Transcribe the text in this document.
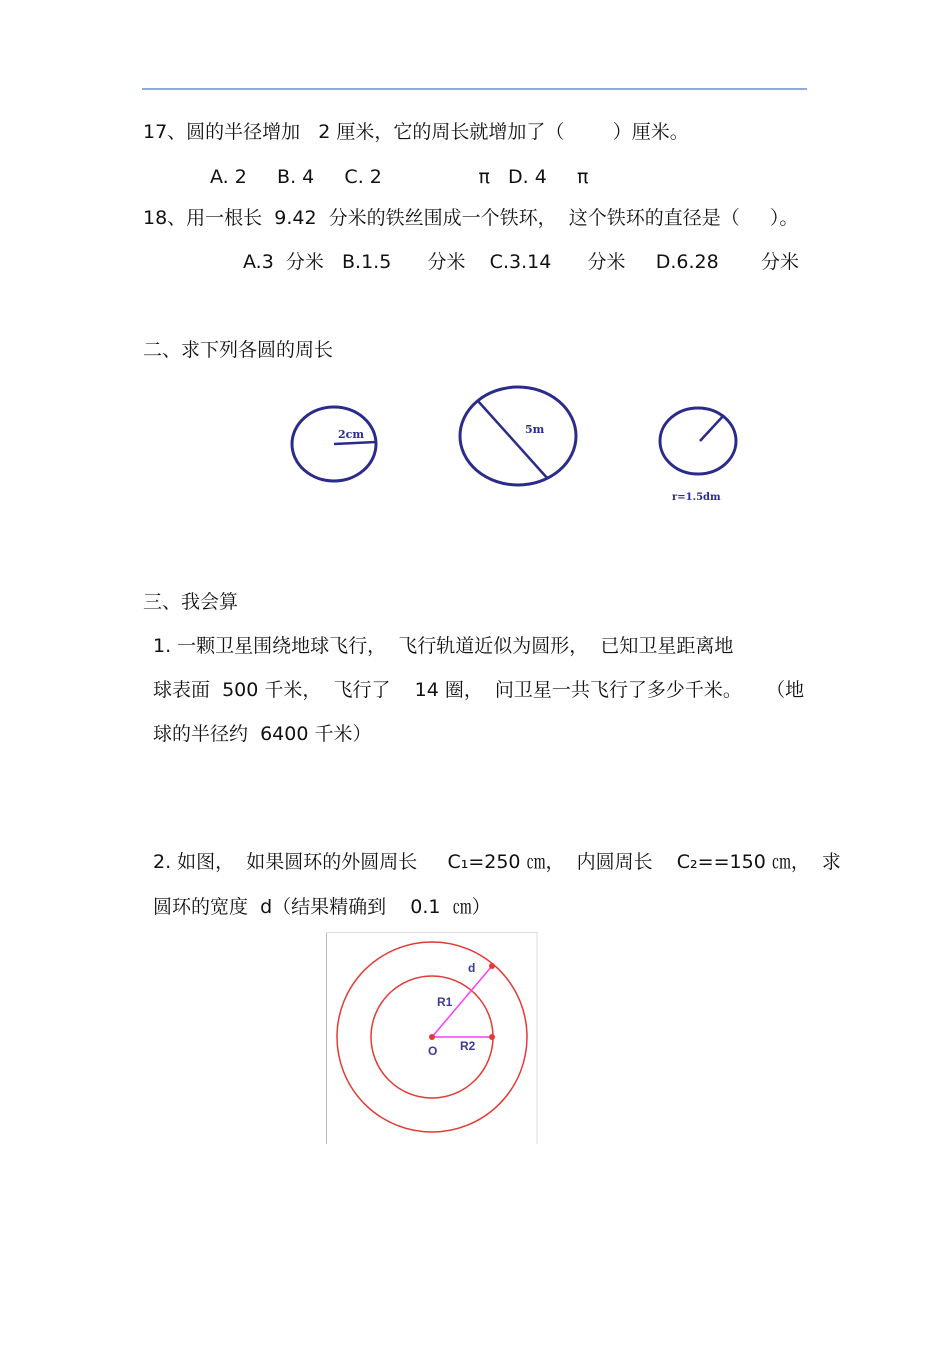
17、圆的半径增加   2 厘米，它的周长就增加了（        ）厘米。
A. 2     B. 4     C. 2                π   D. 4     π
18、用一根长  9.42  分米的铁丝围成一个铁环，  这个铁环的直径是（     ）。
A.3  分米   B.1.5      分米    C.3.14      分米     D.6.28       分米
二、求下列各圆的周长
2cm	5m
r=1.5dm
三、我会算
1. 一颗卫星围绕地球飞行，  飞行轨道近似为圆形，  已知卫星距离地
球表面  500 千米，  飞行了    14 圈，  问卫星一共飞行了多少千米。    （地
球的半径约  6400 千米）
2. 如图，  如果圆环的外圆周长     C₁=250 ㎝，  内圆周长    C₂==150 ㎝，  求
圆环的宽度  d（结果精确到    0.1  ㎝）
d
R1
R2
O
